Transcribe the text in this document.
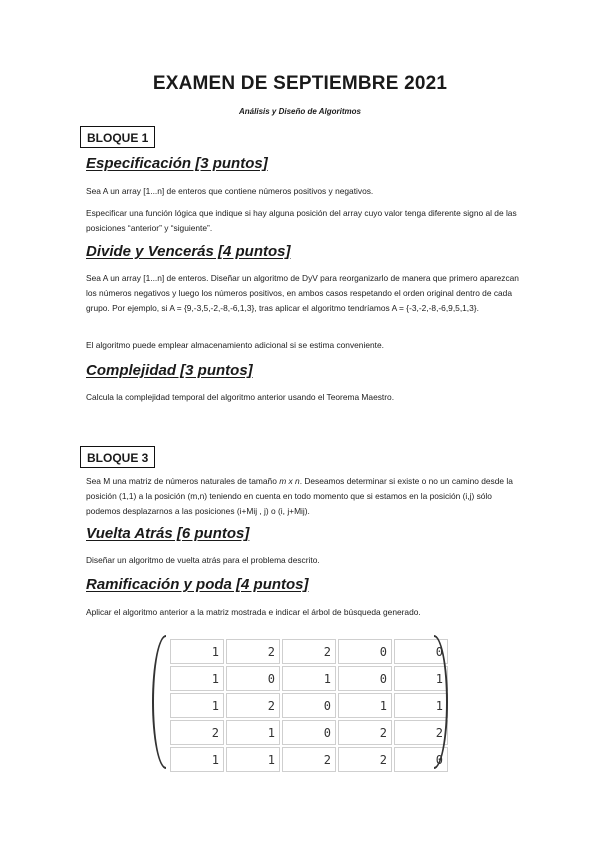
EXAMEN DE SEPTIEMBRE 2021
Análisis y Diseño de Algoritmos
BLOQUE 1
Especificación [3 puntos]
Sea A un array [1...n] de enteros que contiene números positivos y negativos.
Especificar una función lógica que indique si hay alguna posición del array cuyo valor tenga diferente signo al de las posiciones “anterior” y “siguiente”.
Divide y Vencerás [4 puntos]
Sea A un array [1...n] de enteros. Diseñar un algoritmo de DyV para reorganizarlo de manera que primero aparezcan los números negativos y luego los números positivos, en ambos casos respetando el orden original dentro de cada grupo. Por ejemplo, si A = {9,-3,5,-2,-8,-6,1,3}, tras aplicar el algoritmo tendríamos A = {-3,-2,-8,-6,9,5,1,3}.
El algoritmo puede emplear almacenamiento adicional si se estima conveniente.
Complejidad [3 puntos]
Calcula la complejidad temporal del algoritmo anterior usando el Teorema Maestro.
BLOQUE 3
Sea M una matriz de números naturales de tamaño m x n. Deseamos determinar si existe o no un camino desde la posición (1,1) a la posición (m,n) teniendo en cuenta en todo momento que si estamos en la posición (i,j) sólo podemos desplazarnos a las posiciones (i+Mij , j) o (i, j+Mij).
Vuelta Atrás [6 puntos]
Diseñar un algoritmo de vuelta atrás para el problema descrito.
Ramificación y poda [4 puntos]
Aplicar el algoritmo anterior a la matriz mostrada e indicar el árbol de búsqueda generado.
1	2	2	0	0
1	0	1	0	1
1	2	0	1	1
2	1	0	2	2
1	1	2	2	0
